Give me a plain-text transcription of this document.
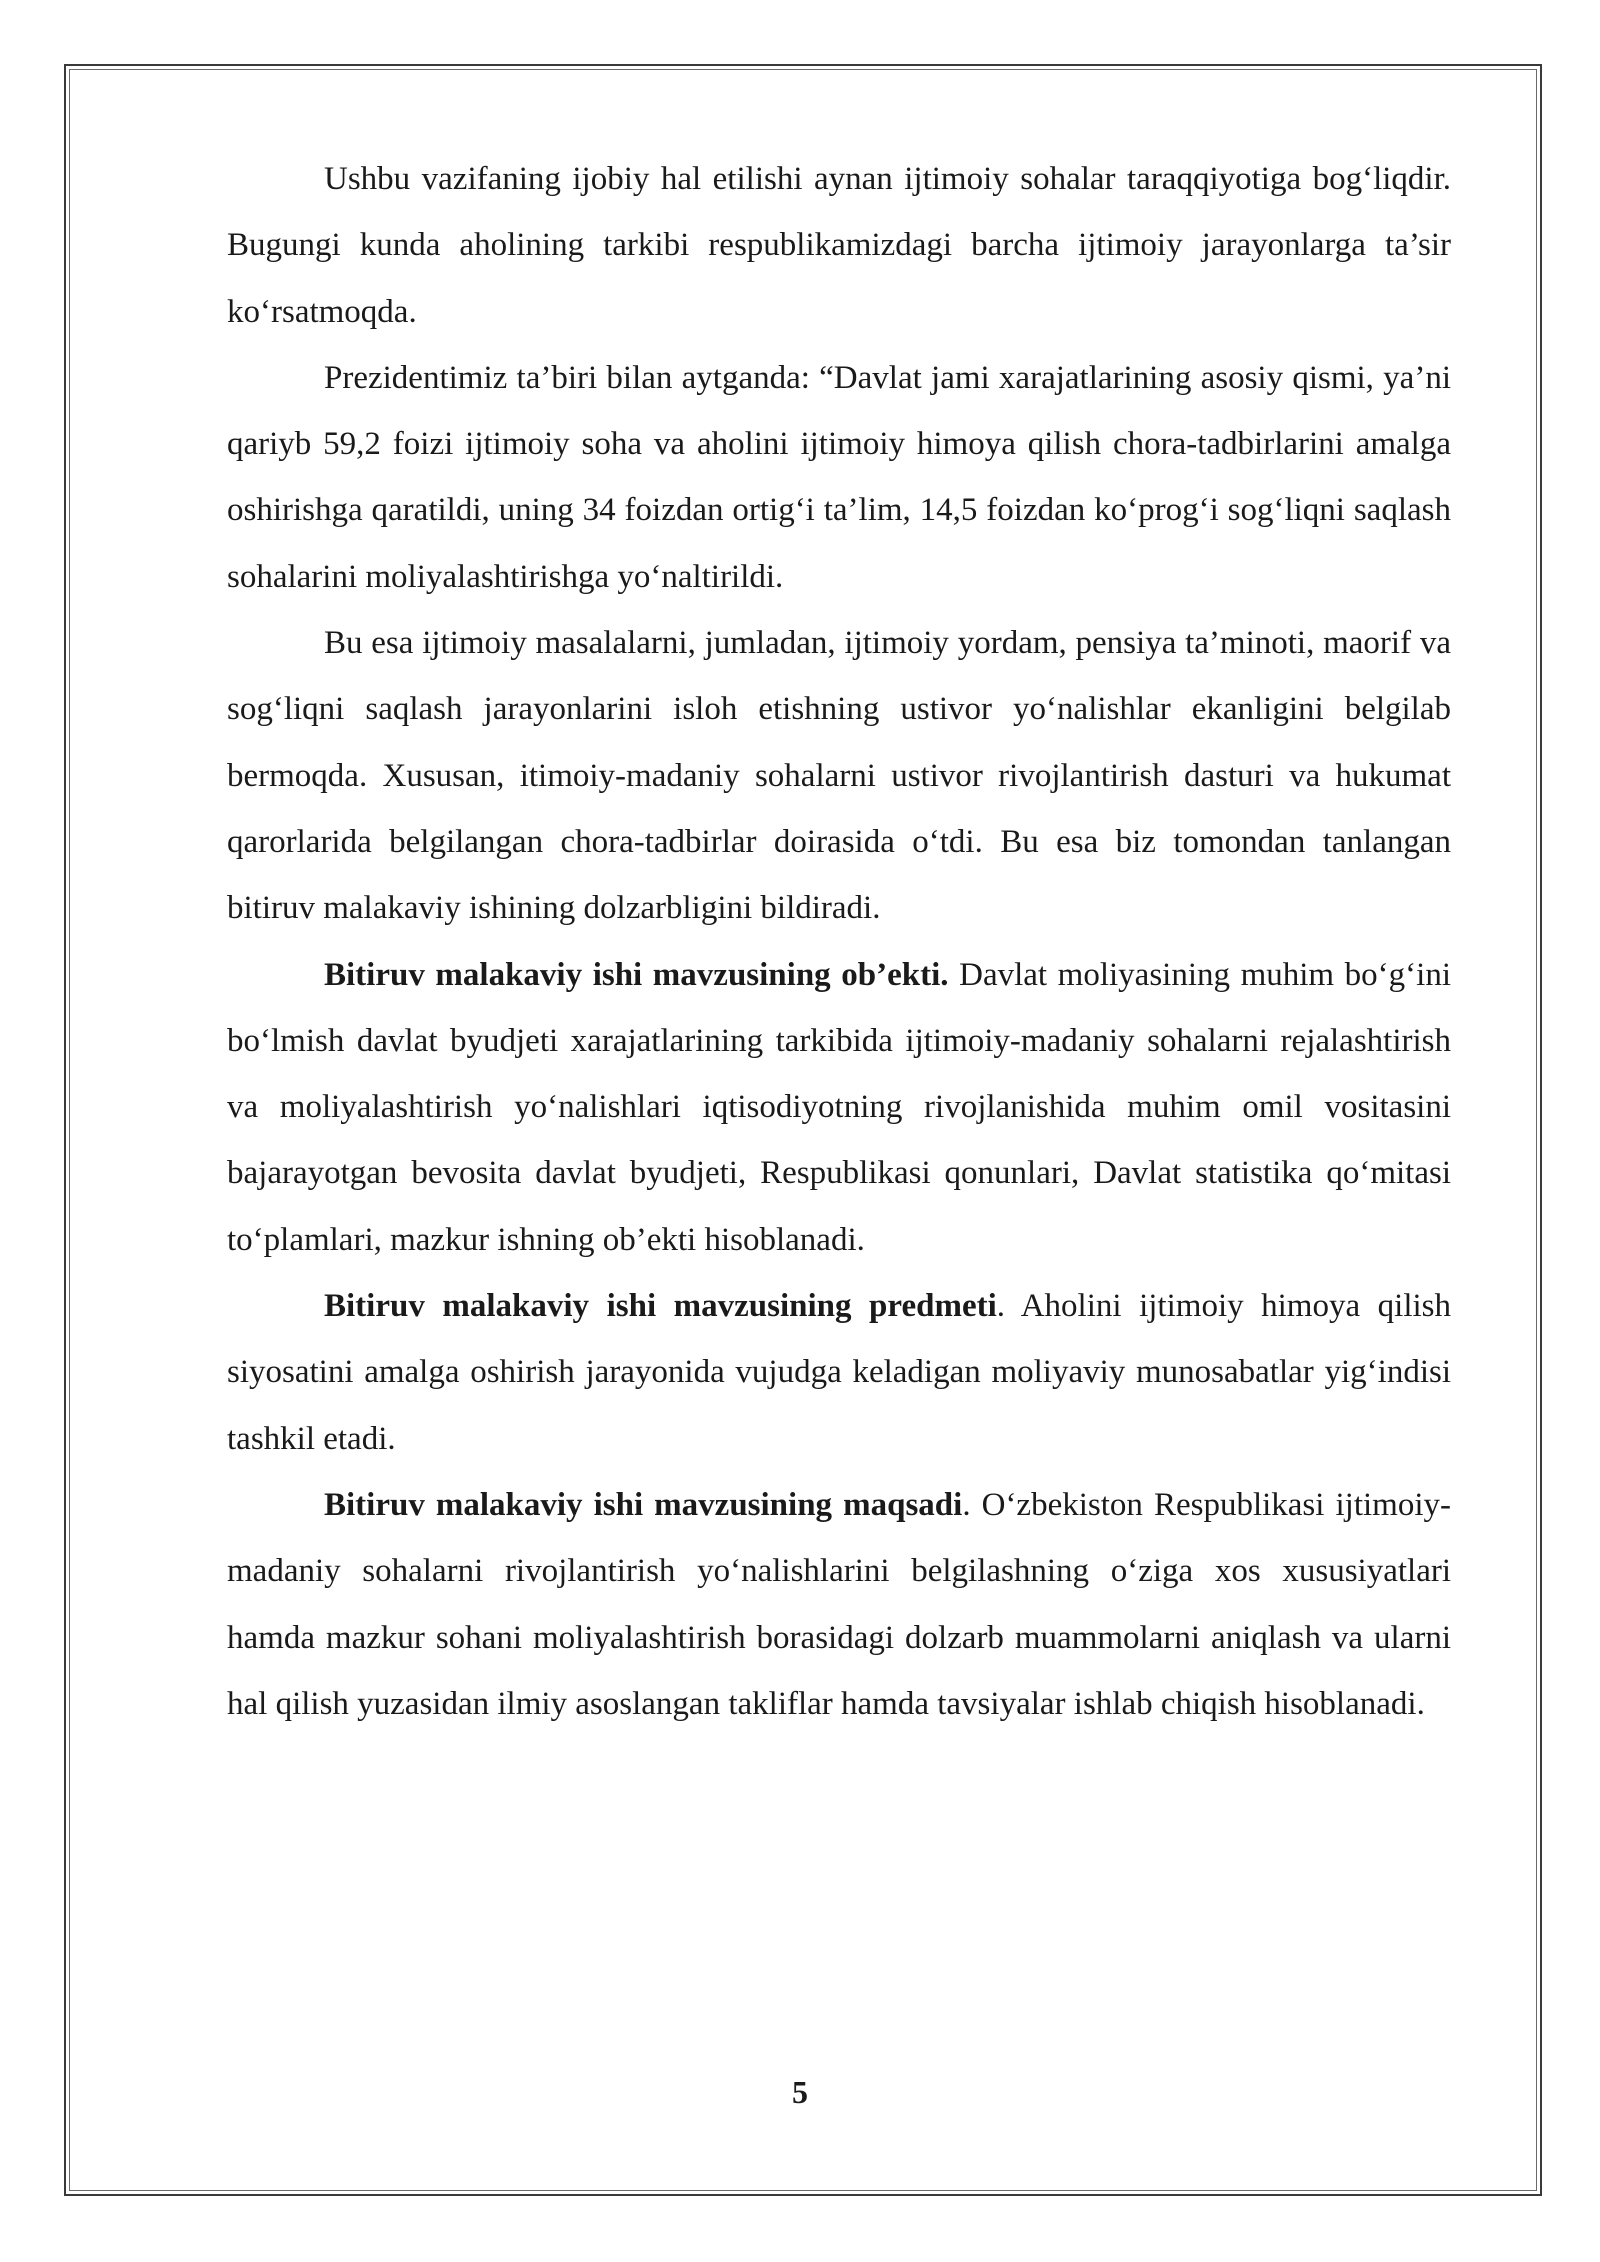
Ushbu vazifaning ijobiy hal etilishi aynan ijtimoiy sohalar taraqqiyotiga bog‘liqdir. Bugungi kunda aholining tarkibi respublikamizdagi barcha ijtimoiy jarayonlarga ta’sir ko‘rsatmoqda.

Prezidentimiz ta’biri bilan aytganda: “Davlat jami xarajatlarining asosiy qismi, ya’ni qariyb 59,2 foizi ijtimoiy soha va aholini ijtimoiy himoya qilish chora-tadbirlarini amalga oshirishga qaratildi, uning 34 foizdan ortig‘i ta’lim, 14,5 foizdan ko‘prog‘i sog‘liqni saqlash sohalarini moliyalashtirishga yo‘naltirildi.

Bu esa ijtimoiy masalalarni, jumladan, ijtimoiy yordam, pensiya ta’minoti, maorif va sog‘liqni saqlash jarayonlarini isloh etishning ustivor yo‘nalishlar ekanligini belgilab bermoqda. Xususan, itimoiy-madaniy sohalarni ustivor rivojlantirish dasturi va hukumat qarorlarida belgilangan chora-tadbirlar doirasida o‘tdi. Bu esa biz tomondan tanlangan bitiruv malakaviy ishining dolzarbligini bildiradi.

Bitiruv malakaviy ishi mavzusining ob’ekti. Davlat moliyasining muhim bo‘g‘ini bo‘lmish davlat byudjeti xarajatlarining tarkibida ijtimoiy-madaniy sohalarni rejalashtirish va moliyalashtirish yo‘nalishlari iqtisodiyotning rivojlanishida muhim omil vositasini bajarayotgan bevosita davlat byudjeti, Respublikasi qonunlari, Davlat statistika qo‘mitasi to‘plamlari, mazkur ishning ob’ekti hisoblanadi.

Bitiruv malakaviy ishi mavzusining predmeti. Aholini ijtimoiy himoya qilish siyosatini amalga oshirish jarayonida vujudga keladigan moliyaviy munosabatlar yig‘indisi tashkil etadi.

Bitiruv malakaviy ishi mavzusining maqsadi. O‘zbekiston Respublikasi ijtimoiy-madaniy sohalarni rivojlantirish yo‘nalishlarini belgilashning o‘ziga xos xususiyatlari hamda mazkur sohani moliyalashtirish borasidagi dolzarb muammolarni aniqlash va ularni hal qilish yuzasidan ilmiy asoslangan takliflar hamda tavsiyalar ishlab chiqish hisoblanadi.

5
